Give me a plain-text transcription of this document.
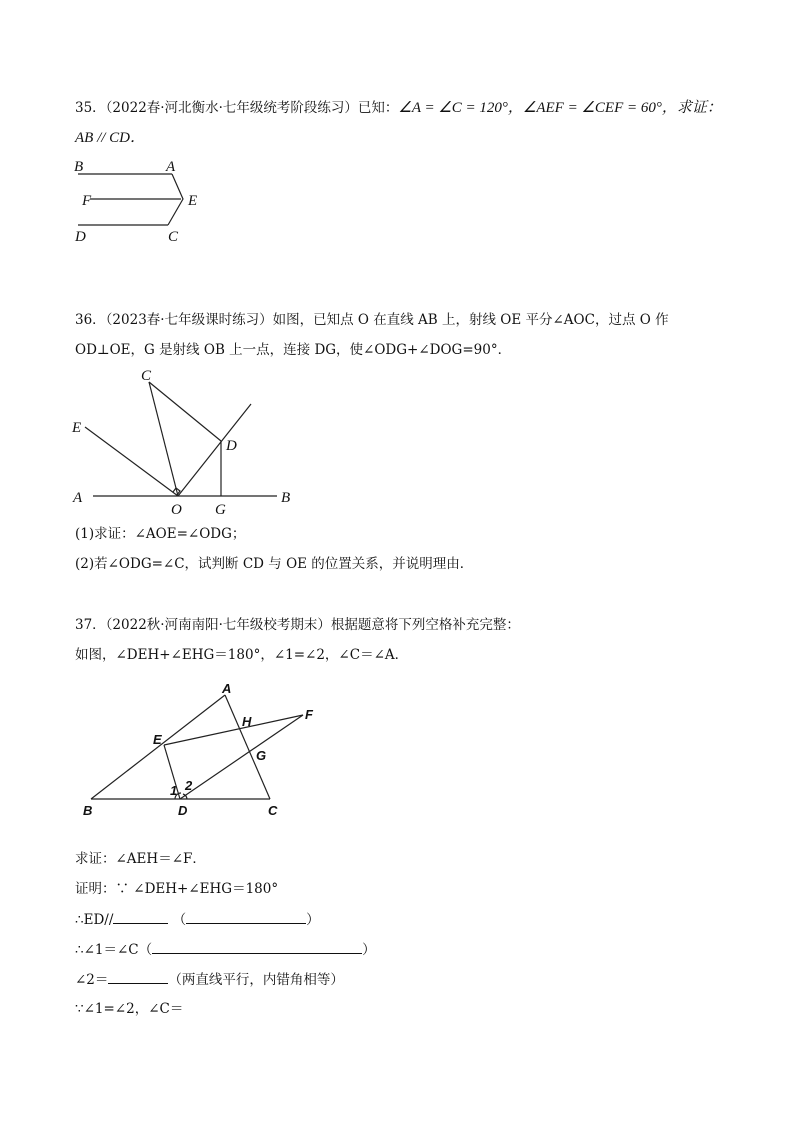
35．（2022春·河北衡水·七年级统考阶段练习）已知：∠A = ∠C = 120°，∠AEF = ∠CEF = 60°，求证：
AB // CD．
B	A
F	E
D	C
36．（2023春·七年级课时练习）如图，已知点 O 在直线 AB 上，射线 OE 平分∠AOC，过点 O 作
OD⊥OE，G 是射线 OB 上一点，连接 DG，使∠ODG+∠DOG=90°．
C
E
D
A
O G
B
(1)求证：∠AOE=∠ODG；
(2)若∠ODG=∠C，试判断 CD 与 OE 的位置关系，并说明理由．
37．（2022秋·河南南阳·七年级校考期末）根据题意将下列空格补充完整：
如图，∠DEH+∠EHG＝180°，∠1=∠2，∠C＝∠A．
A
H	F
E
G
1 2
B	D	C
求证：∠AEH＝∠F．
证明：∵ ∠DEH+∠EHG＝180°
∴ED//	（	）
∴∠1＝∠C（	）
∠2＝	（两直线平行，内错角相等）
∵∠1=∠2，∠C＝
